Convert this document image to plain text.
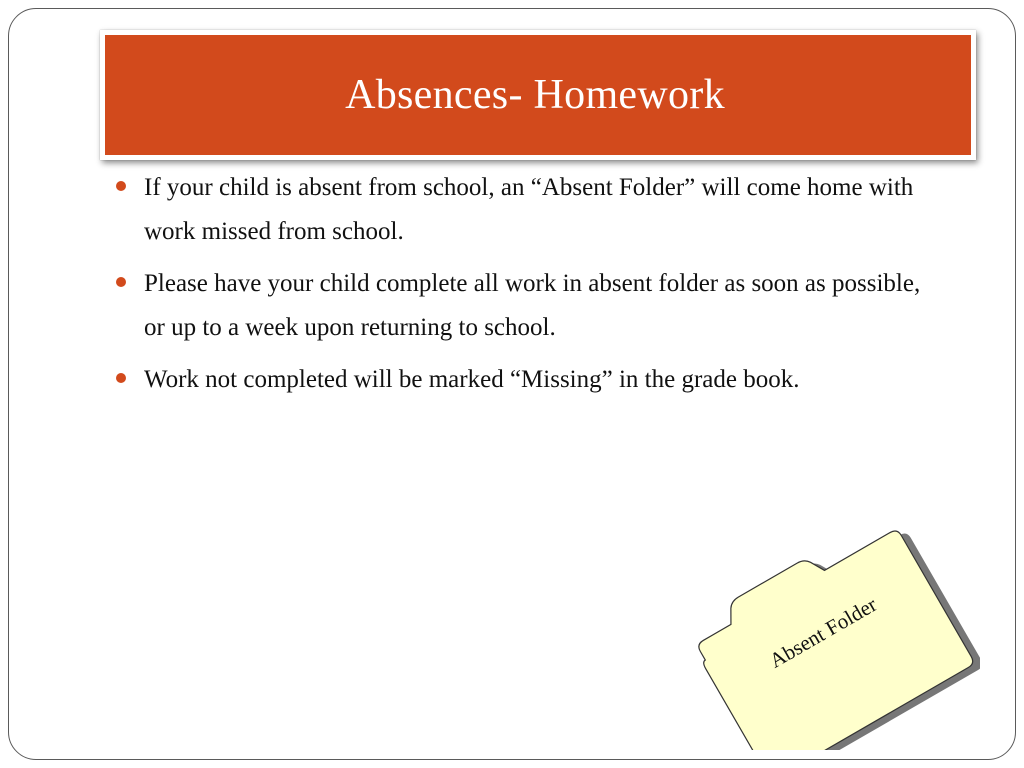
Absences- Homework
If your child is absent from school, an “Absent Folder” will come home with work missed from school.
Please have your child complete all work in absent folder as soon as possible, or up to a week upon returning to school.
Work not completed will be marked “Missing” in the grade book.
Absent Folder
